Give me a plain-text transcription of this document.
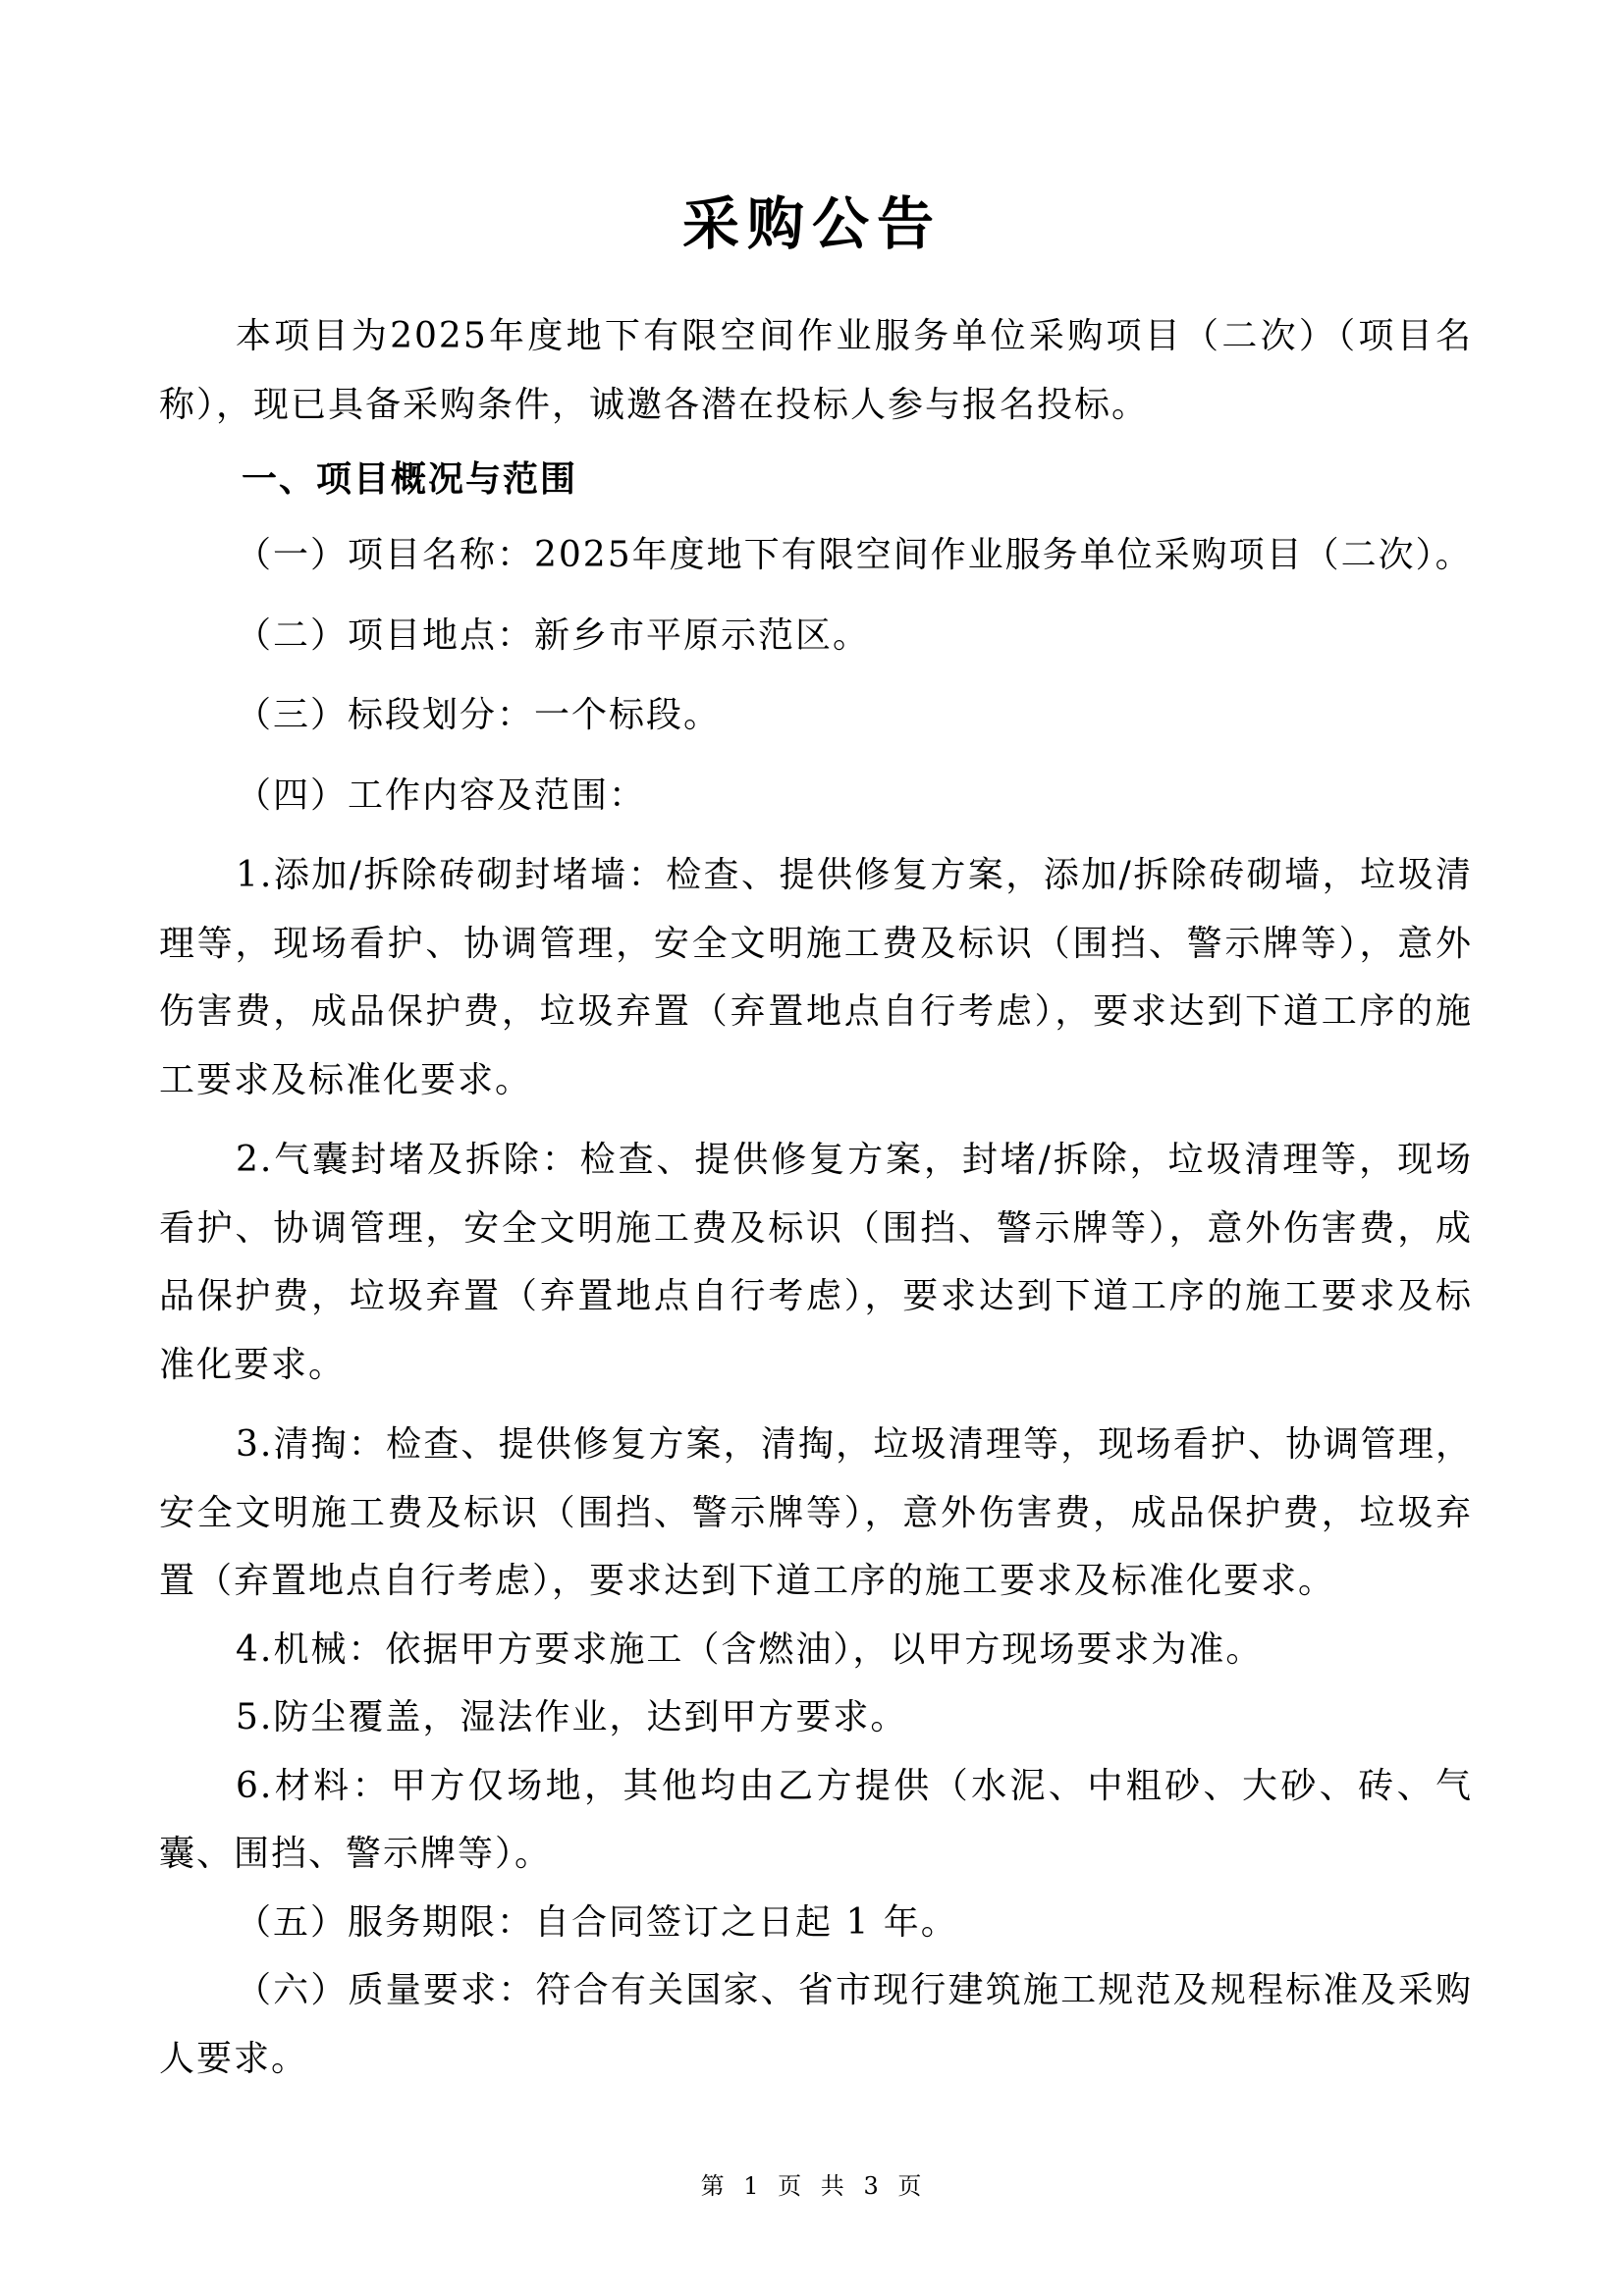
采购公告

本项目为2025年度地下有限空间作业服务单位采购项目（二次）（项目名称），现已具备采购条件，诚邀各潜在投标人参与报名投标。

一、项目概况与范围

（一）项目名称：2025年度地下有限空间作业服务单位采购项目（二次）。

（二）项目地点：新乡市平原示范区。

（三）标段划分：一个标段。

（四）工作内容及范围：

1.添加/拆除砖砌封堵墙：检查、提供修复方案，添加/拆除砖砌墙，垃圾清理等，现场看护、协调管理，安全文明施工费及标识（围挡、警示牌等），意外伤害费，成品保护费，垃圾弃置（弃置地点自行考虑），要求达到下道工序的施工要求及标准化要求。

2.气囊封堵及拆除：检查、提供修复方案，封堵/拆除，垃圾清理等，现场看护、协调管理，安全文明施工费及标识（围挡、警示牌等），意外伤害费，成品保护费，垃圾弃置（弃置地点自行考虑），要求达到下道工序的施工要求及标准化要求。

3.清掏：检查、提供修复方案，清掏，垃圾清理等，现场看护、协调管理，安全文明施工费及标识（围挡、警示牌等），意外伤害费，成品保护费，垃圾弃置（弃置地点自行考虑），要求达到下道工序的施工要求及标准化要求。

4.机械：依据甲方要求施工（含燃油），以甲方现场要求为准。

5.防尘覆盖，湿法作业，达到甲方要求。

6.材料：甲方仅场地，其他均由乙方提供（水泥、中粗砂、大砂、砖、气囊、围挡、警示牌等）。

（五）服务期限：自合同签订之日起 1 年。

（六）质量要求：符合有关国家、省市现行建筑施工规范及规程标准及采购人要求。

第 1 页 共 3 页
